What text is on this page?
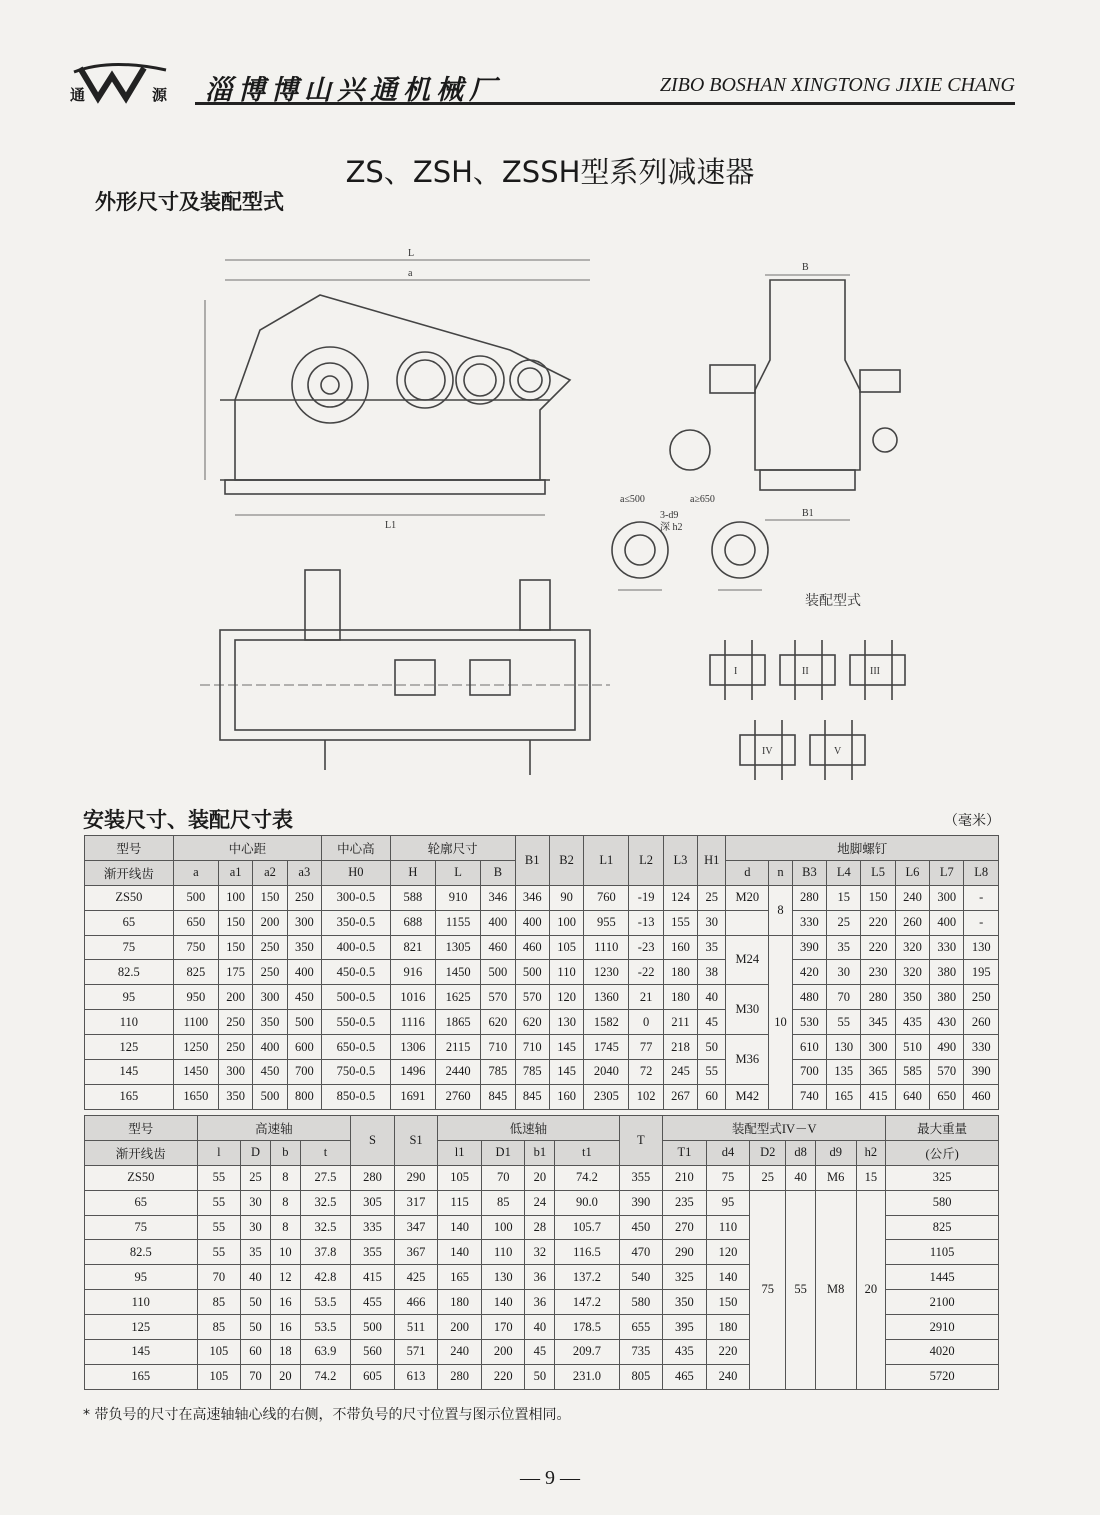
通	源 淄博博山兴通机械厂	ZIBO BOSHAN XINGTONG JIXIE CHANG
ZS、ZSH、ZSSH型系列减速器
外形尺寸及装配型式
L
a
L1
B
B1
a≤500	a≥650
3-d9
深 h2
装配型式
I	II	III
IV	V
安装尺寸、装配尺寸表	（毫米）
型号	中心距				中心高	轮廓尺寸			B1	B2	L1	L2	L3	H1	地脚螺钉							
渐开线齿	a	a1	a2	a3	H0	H	L	B							d	n	B3	L4	L5	L6	L7	L8
ZS50	500	100	150	250	300-0.5	588	910	346	346	90	760	-19	124	25	M20	8	280	15	150	240	300	-
65	650	150	200	300	350-0.5	688	1155	400	400	100	955	-13	155	30			330	25	220	260	400	-
75	750	150	250	350	400-0.5	821	1305	460	460	105	1110	-23	160	35	M24	10	390	35	220	320	330	130
82.5	825	175	250	400	450-0.5	916	1450	500	500	110	1230	-22	180	38			420	30	230	320	380	195
95	950	200	300	450	500-0.5	1016	1625	570	570	120	1360	21	180	40	M30		480	70	280	350	380	250
110	1100	250	350	500	550-0.5	1116	1865	620	620	130	1582	0	211	45			530	55	345	435	430	260
125	1250	250	400	600	650-0.5	1306	2115	710	710	145	1745	77	218	50	M36		610	130	300	510	490	330
145	1450	300	450	700	750-0.5	1496	2440	785	785	145	2040	72	245	55			700	135	365	585	570	390
165	1650	350	500	800	850-0.5	1691	2760	845	845	160	2305	102	267	60	M42		740	165	415	640	650	460
型号	高速轴				S	S1	低速轴				T	装配型式IV－V						最大重量
渐开线齿	l	D	b	t			l1	D1	b1	t1		T1	d4	D2	d8	d9	h2	(公斤)
ZS50	55	25	8	27.5	280	290	105	70	20	74.2	355	210	75	25	40	M6	15	325
65	55	30	8	32.5	305	317	115	85	24	90.0	390	235	95	75	55	M8	20	580
75	55	30	8	32.5	335	347	140	100	28	105.7	450	270	110					825
82.5	55	35	10	37.8	355	367	140	110	32	116.5	470	290	120					1105
95	70	40	12	42.8	415	425	165	130	36	137.2	540	325	140					1445
110	85	50	16	53.5	455	466	180	140	36	147.2	580	350	150					2100
125	85	50	16	53.5	500	511	200	170	40	178.5	655	395	180					2910
145	105	60	18	63.9	560	571	240	200	45	209.7	735	435	220					4020
165	105	70	20	74.2	605	613	280	220	50	231.0	805	465	240					5720
* 带负号的尺寸在高速轴轴心线的右侧，不带负号的尺寸位置与图示位置相同。
— 9 —
